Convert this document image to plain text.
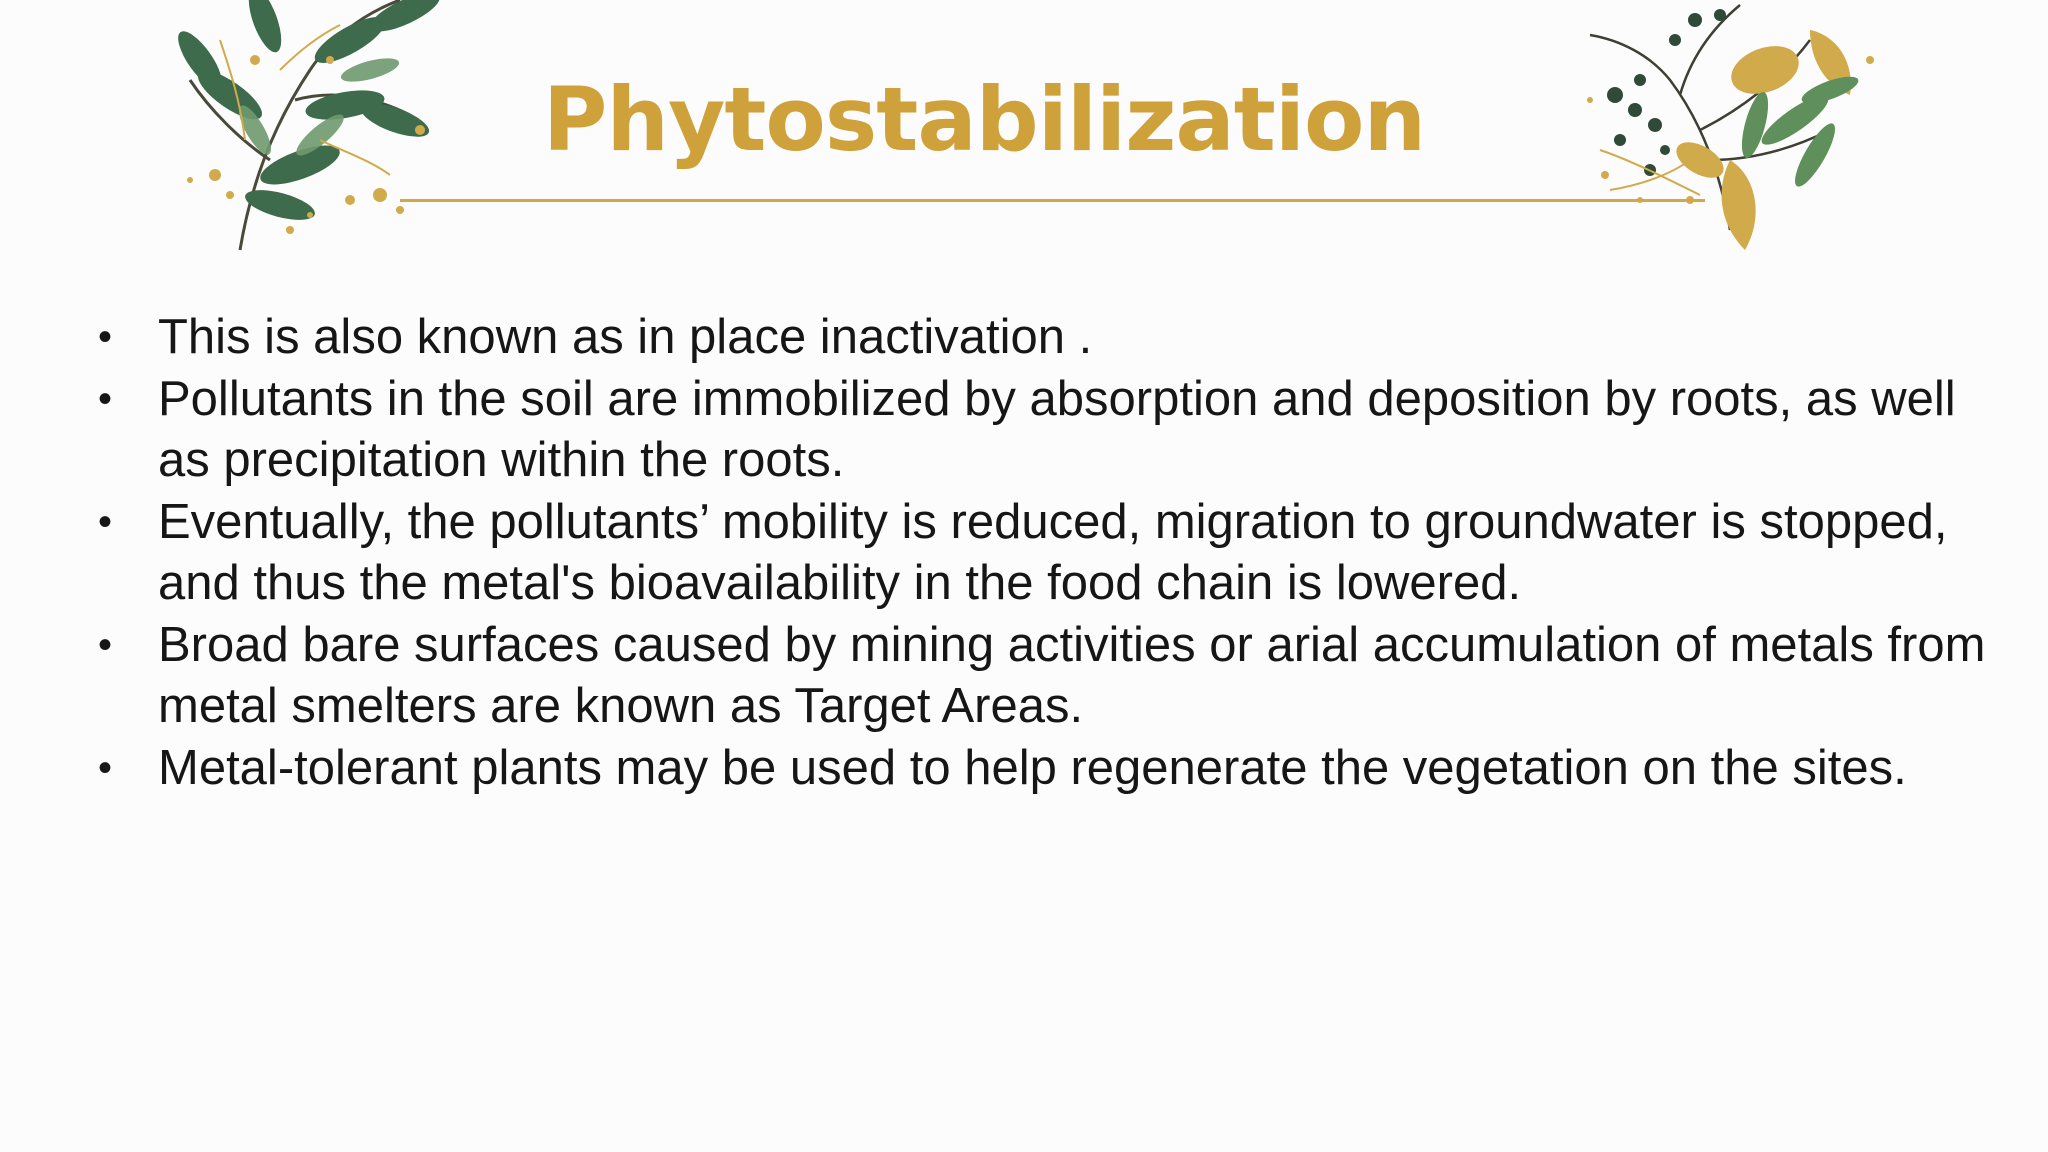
Phytostabilization
• This is also known as in place inactivation .
• Pollutants in the soil are immobilized by absorption and deposition by roots, as well as precipitation within the roots.
• Eventually, the pollutants’ mobility is reduced, migration to groundwater is stopped, and thus the metal's bioavailability in the food chain is lowered.
• Broad bare surfaces caused by mining activities or arial accumulation of metals from metal smelters are known as Target Areas.
• Metal-tolerant plants may be used to help regenerate the vegetation on the sites.
